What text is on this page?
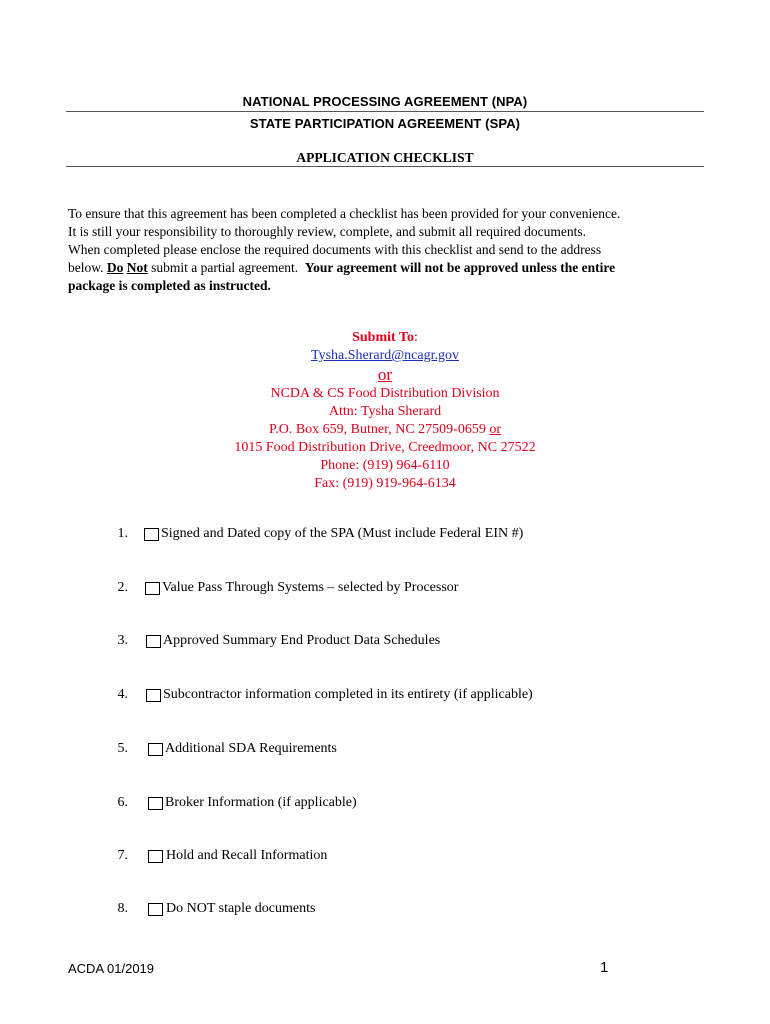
NATIONAL PROCESSING AGREEMENT (NPA)
STATE PARTICIPATION AGREEMENT (SPA)
APPLICATION CHECKLIST
To ensure that this agreement has been completed a checklist has been provided for your convenience.
It is still your responsibility to thoroughly review, complete, and submit all required documents.
When completed please enclose the required documents with this checklist and send to the address
below. Do Not submit a partial agreement. Your agreement will not be approved unless the entire
package is completed as instructed.
Submit To:
Tysha.Sherard@ncagr.gov
or
NCDA & CS Food Distribution Division
Attn: Tysha Sherard
P.O. Box 659, Butner, NC 27509-0659 or
1015 Food Distribution Drive, Creedmoor, NC 27522
Phone: (919) 964-6110
Fax: (919) 919-964-6134
1. Signed and Dated copy of the SPA (Must include Federal EIN #)
2. Value Pass Through Systems – selected by Processor
3.	Approved Summary End Product Data Schedules
4.	Subcontractor information completed in its entirety (if applicable)
5.	Additional SDA Requirements
6.	Broker Information (if applicable)
7.	Hold and Recall Information
8.	Do NOT staple documents
ACDA 01/2019	1
